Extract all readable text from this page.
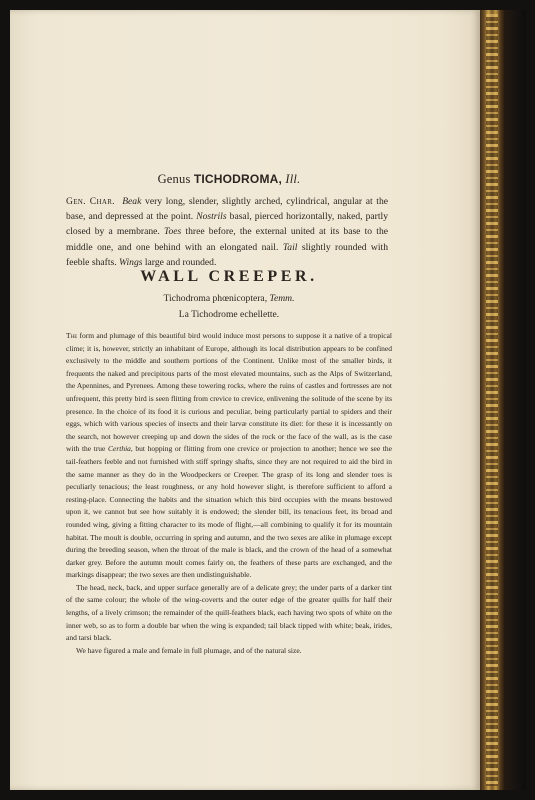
Genus TICHODROMA, Ill.
Gen. Char. Beak very long, slender, slightly arched, cylindrical, angular at the base, and depressed at the point. Nostrils basal, pierced horizontally, naked, partly closed by a membrane. Toes three before, the external united at its base to the middle one, and one behind with an elongated nail. Tail slightly rounded with feeble shafts. Wings large and rounded.
WALL CREEPER.
Tichodroma phœnicoptera, Temm.
La Tichodrome echellette.

The form and plumage of this beautiful bird would induce most persons to suppose it a native of a tropical clime; it is, however, strictly an inhabitant of Europe, although its local distribution appears to be confined exclusively to the middle and southern portions of the Continent. Unlike most of the smaller birds, it frequents the naked and precipitous parts of the most elevated mountains, such as the Alps of Switzerland, the Apennines, and Pyrenees. Among these towering rocks, where the ruins of castles and fortresses are not unfrequent, this pretty bird is seen flitting from crevice to crevice, enlivening the solitude of the scene by its presence. In the choice of its food it is curious and peculiar, being particularly partial to spiders and their eggs, which with various species of insects and their larvæ constitute its diet: for these it is incessantly on the search, not however creeping up and down the sides of the rock or the face of the wall, as is the case with the true Certhia, but hopping or flitting from one crevice or projection to another; hence we see the tail-feathers feeble and not furnished with stiff springy shafts, since they are not required to aid the bird in the same manner as they do in the Woodpeckers or Creeper. The grasp of its long and slender toes is peculiarly tenacious; the least roughness, or any hold however slight, is therefore sufficient to afford a resting-place. Connecting the habits and the situation which this bird occupies with the means bestowed upon it, we cannot but see how suitably it is endowed; the slender bill, its tenacious feet, its broad and rounded wing, giving a fitting character to its mode of flight,—all combining to qualify it for its mountain habitat. The moult is double, occurring in spring and autumn, and the two sexes are alike in plumage except during the breeding season, when the throat of the male is black, and the crown of the head of a somewhat darker grey. Before the autumn moult comes fairly on, the feathers of these parts are exchanged, and the markings disappear; the two sexes are then undistinguishable.

The head, neck, back, and upper surface generally are of a delicate grey; the under parts of a darker tint of the same colour; the whole of the wing-coverts and the outer edge of the greater quills for half their lengths, of a lively crimson; the remainder of the quill-feathers black, each having two spots of white on the inner web, so as to form a double bar when the wing is expanded; tail black tipped with white; beak, irides, and tarsi black.

We have figured a male and female in full plumage, and of the natural size.
